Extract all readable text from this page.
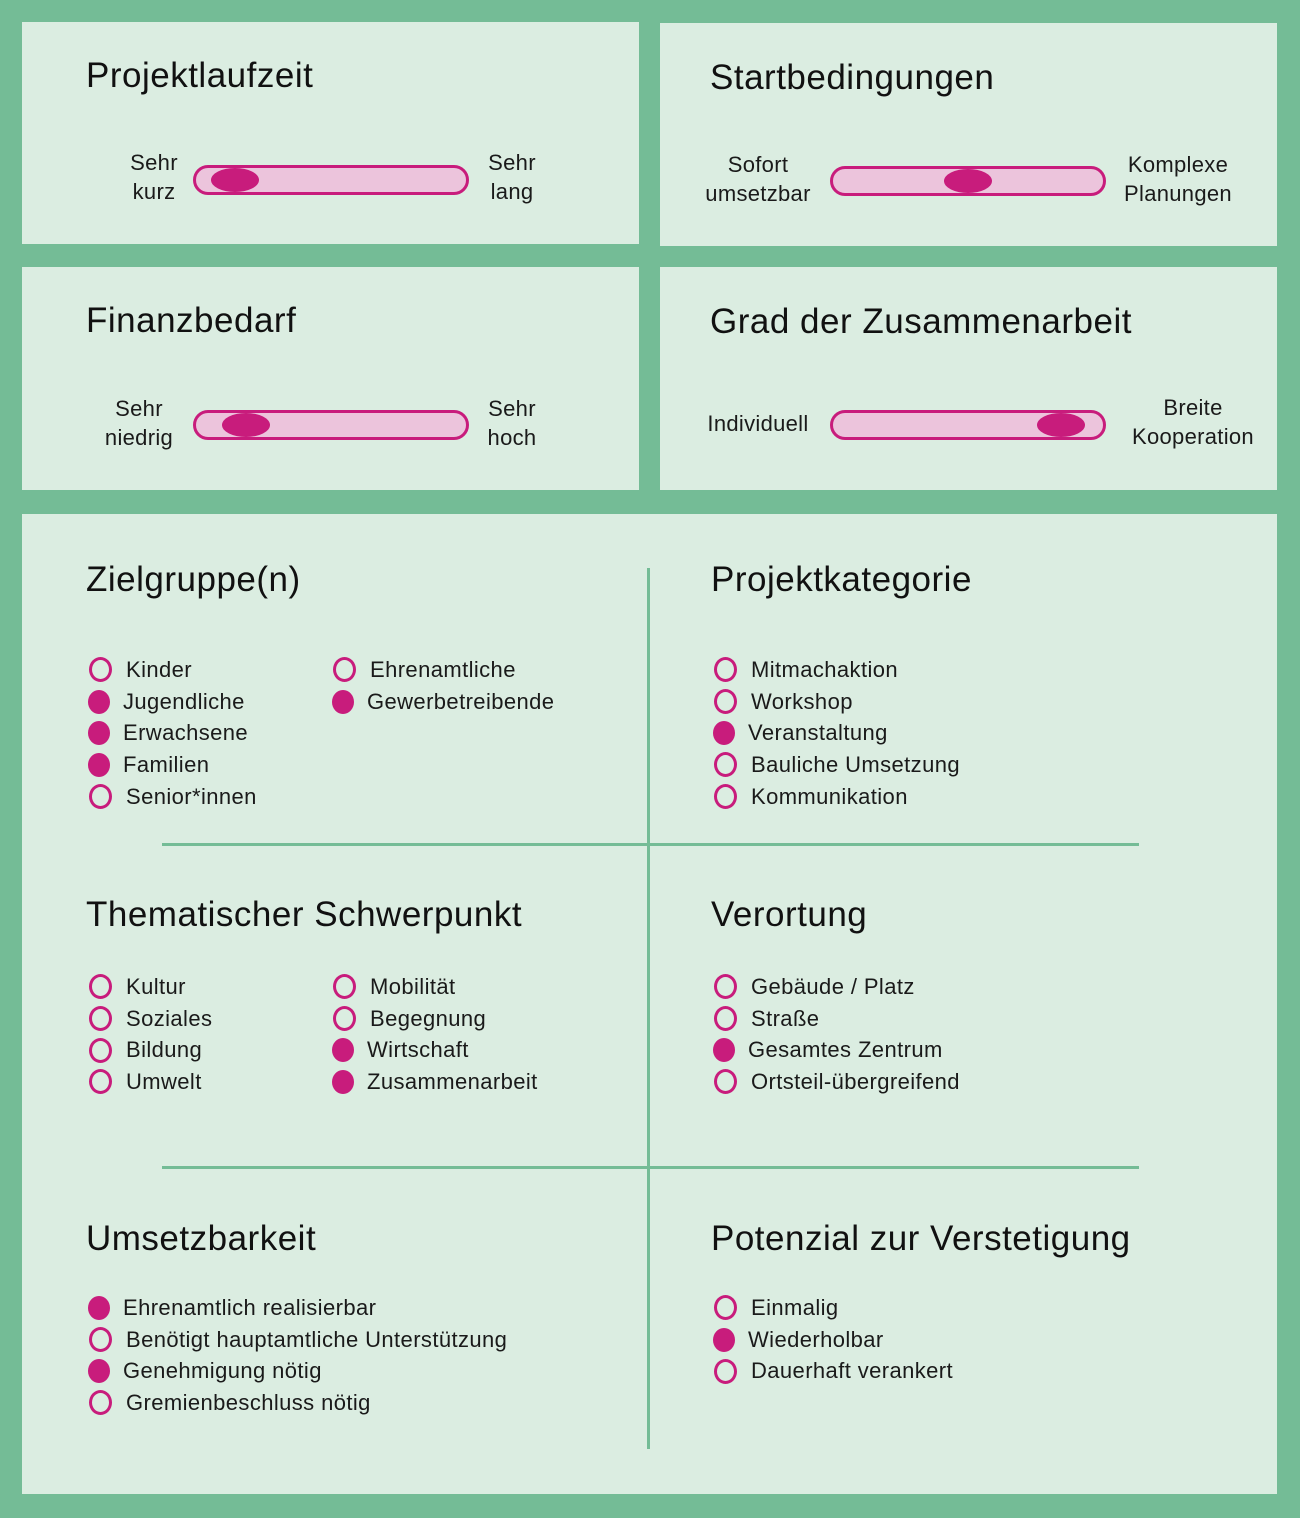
Projektlaufzeit
Sehr
kurz
Sehr
lang
Startbedingungen
Sofort
umsetzbar
Komplexe
Planungen
Finanzbedarf
Sehr
niedrig
Sehr
hoch
Grad der Zusammenarbeit
Individuell
Breite
Kooperation
Zielgruppe(n)
Kinder
Jugendliche
Erwachsene
Familien
Senior*innen
Ehrenamtliche
Gewerbetreibende
Projektkategorie
Mitmachaktion
Workshop
Veranstaltung
Bauliche Umsetzung
Kommunikation
Thematischer Schwerpunkt
Kultur
Soziales
Bildung
Umwelt
Mobilität
Begegnung
Wirtschaft
Zusammenarbeit
Verortung
Gebäude / Platz
Straße
Gesamtes Zentrum
Ortsteil-übergreifend
Umsetzbarkeit
Ehrenamtlich realisierbar
Benötigt hauptamtliche Unterstützung
Genehmigung nötig
Gremienbeschluss nötig
Potenzial zur Verstetigung
Einmalig
Wiederholbar
Dauerhaft verankert
